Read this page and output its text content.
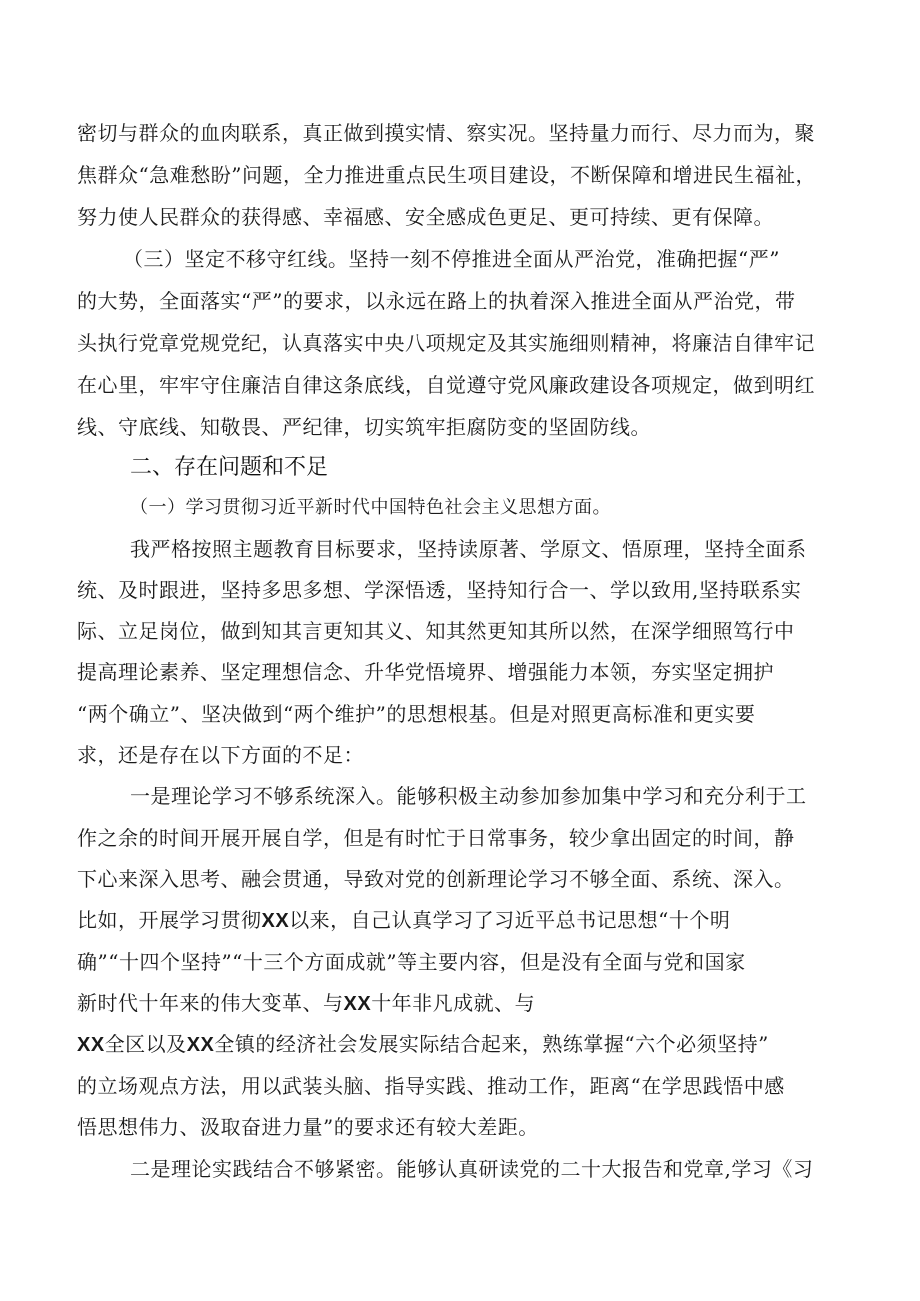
密切与群众的血肉联系，真正做到摸实情、察实况。坚持量力而行、尽力而为，聚
焦群众“急难愁盼”问题，全力推进重点民生项目建设，不断保障和增进民生福祉，
努力使人民群众的获得感、幸福感、安全感成色更足、更可持续、更有保障。
（三）坚定不移守红线。坚持一刻不停推进全面从严治党，准确把握“严”
的大势，全面落实“严”的要求，以永远在路上的执着深入推进全面从严治党，带
头执行党章党规党纪，认真落实中央八项规定及其实施细则精神，将廉洁自律牢记
在心里，牢牢守住廉洁自律这条底线，自觉遵守党风廉政建设各项规定，做到明红
线、守底线、知敬畏、严纪律，切实筑牢拒腐防变的坚固防线。
二、存在问题和不足
（一）学习贯彻习近平新时代中国特色社会主义思想方面。
我严格按照主题教育目标要求，坚持读原著、学原文、悟原理，坚持全面系
统、及时跟进，坚持多思多想、学深悟透，坚持知行合一、学以致用,坚持联系实
际、立足岗位，做到知其言更知其义、知其然更知其所以然，在深学细照笃行中
提高理论素养、坚定理想信念、升华党悟境界、增强能力本领，夯实坚定拥护
“两个确立”、坚决做到“两个维护”的思想根基。但是对照更高标准和更实要
求，还是存在以下方面的不足：
一是理论学习不够系统深入。能够积极主动参加参加集中学习和充分利于工
作之余的时间开展开展自学，但是有时忙于日常事务，较少拿出固定的时间，静
下心来深入思考、融会贯通，导致对党的创新理论学习不够全面、系统、深入。
比如，开展学习贯彻XX以来，自己认真学习了习近平总书记思想“十个明
确”“十四个坚持”“十三个方面成就”等主要内容，但是没有全面与党和国家
新时代十年来的伟大变革、与XX十年非凡成就、与
XX全区以及XX全镇的经济社会发展实际结合起来，熟练掌握“六个必须坚持”
的立场观点方法，用以武装头脑、指导实践、推动工作，距离“在学思践悟中感
悟思想伟力、汲取奋进力量”的要求还有较大差距。
二是理论实践结合不够紧密。能够认真研读党的二十大报告和党章,学习《习
